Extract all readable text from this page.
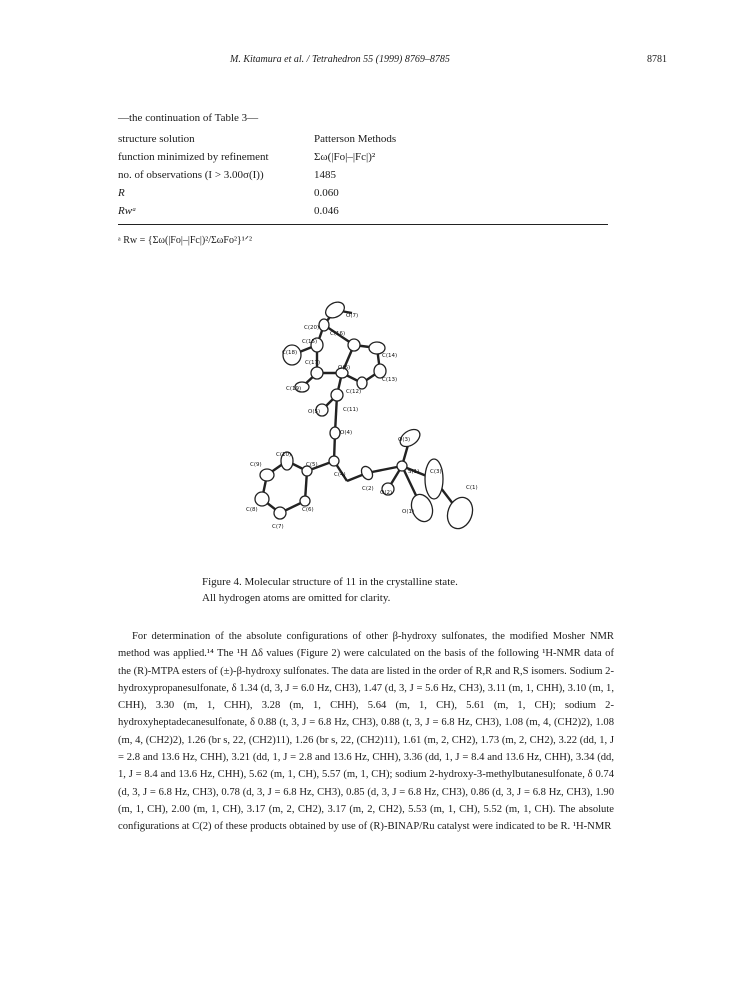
M. Kitamura et al. / Tetrahedron 55 (1999) 8769–8785	8781
—the continuation of Table 3—
structure solution	Patterson Methods
function minimized by refinement	Σω(|Fo|–|Fc|)²
no. of observations (I > 3.00σ(I))	1485
R	0.060
Rwᵃ	0.046
ᵃ Rw = {Σω(|Fo|–|Fc|)²/ΣωFo²}¹ᐟ²
O(7)
C(20)
C(16)
C(15)
C(14)
C(18)
C(17)
O(6)
C(13)
C(19)	C(12)
O(5)	C(11)
O(4)
O(3)
C(9)
C(10)
C(5)
C(4)	S(1)
C(2)	C(1)
C(3)
O(2)
O(1)
C(8)	C(6)
C(7)
Figure 4. Molecular structure of 11 in the crystalline state.
All hydrogen atoms are omitted for clarity.

For determination of the absolute configurations of other β-hydroxy sulfonates, the modified Mosher NMR method was applied.¹⁴ The ¹H Δδ values (Figure 2) were calculated on the basis of the following ¹H-NMR data of the (R)-MTPA esters of (±)-β-hydroxy sulfonates. The data are listed in the order of R,R and R,S isomers. Sodium 2-hydroxypropanesulfonate, δ 1.34 (d, 3, J = 6.0 Hz, CH3), 1.47 (d, 3, J = 5.6 Hz, CH3), 3.11 (m, 1, CHH), 3.10 (m, 1, CHH), 3.30 (m, 1, CHH), 3.28 (m, 1, CHH), 5.64 (m, 1, CH), 5.61 (m, 1, CH); sodium 2-hydroxyheptadecanesulfonate, δ 0.88 (t, 3, J = 6.8 Hz, CH3), 0.88 (t, 3, J = 6.8 Hz, CH3), 1.08 (m, 4, (CH2)2), 1.08 (m, 4, (CH2)2), 1.26 (br s, 22, (CH2)11), 1.26 (br s, 22, (CH2)11), 1.61 (m, 2, CH2), 1.73 (m, 2, CH2), 3.22 (dd, 1, J = 2.8 and 13.6 Hz, CHH), 3.21 (dd, 1, J = 2.8 and 13.6 Hz, CHH), 3.36 (dd, 1, J = 8.4 and 13.6 Hz, CHH), 3.34 (dd, 1, J = 8.4 and 13.6 Hz, CHH), 5.62 (m, 1, CH), 5.57 (m, 1, CH); sodium 2-hydroxy-3-methylbutanesulfonate, δ 0.74 (d, 3, J = 6.8 Hz, CH3), 0.78 (d, 3, J = 6.8 Hz, CH3), 0.85 (d, 3, J = 6.8 Hz, CH3), 0.86 (d, 3, J = 6.8 Hz, CH3), 1.90 (m, 1, CH), 2.00 (m, 1, CH), 3.17 (m, 2, CH2), 3.17 (m, 2, CH2), 5.53 (m, 1, CH), 5.52 (m, 1, CH). The absolute configurations at C(2) of these products obtained by use of (R)-BINAP/Ru catalyst were indicated to be R. ¹H-NMR
